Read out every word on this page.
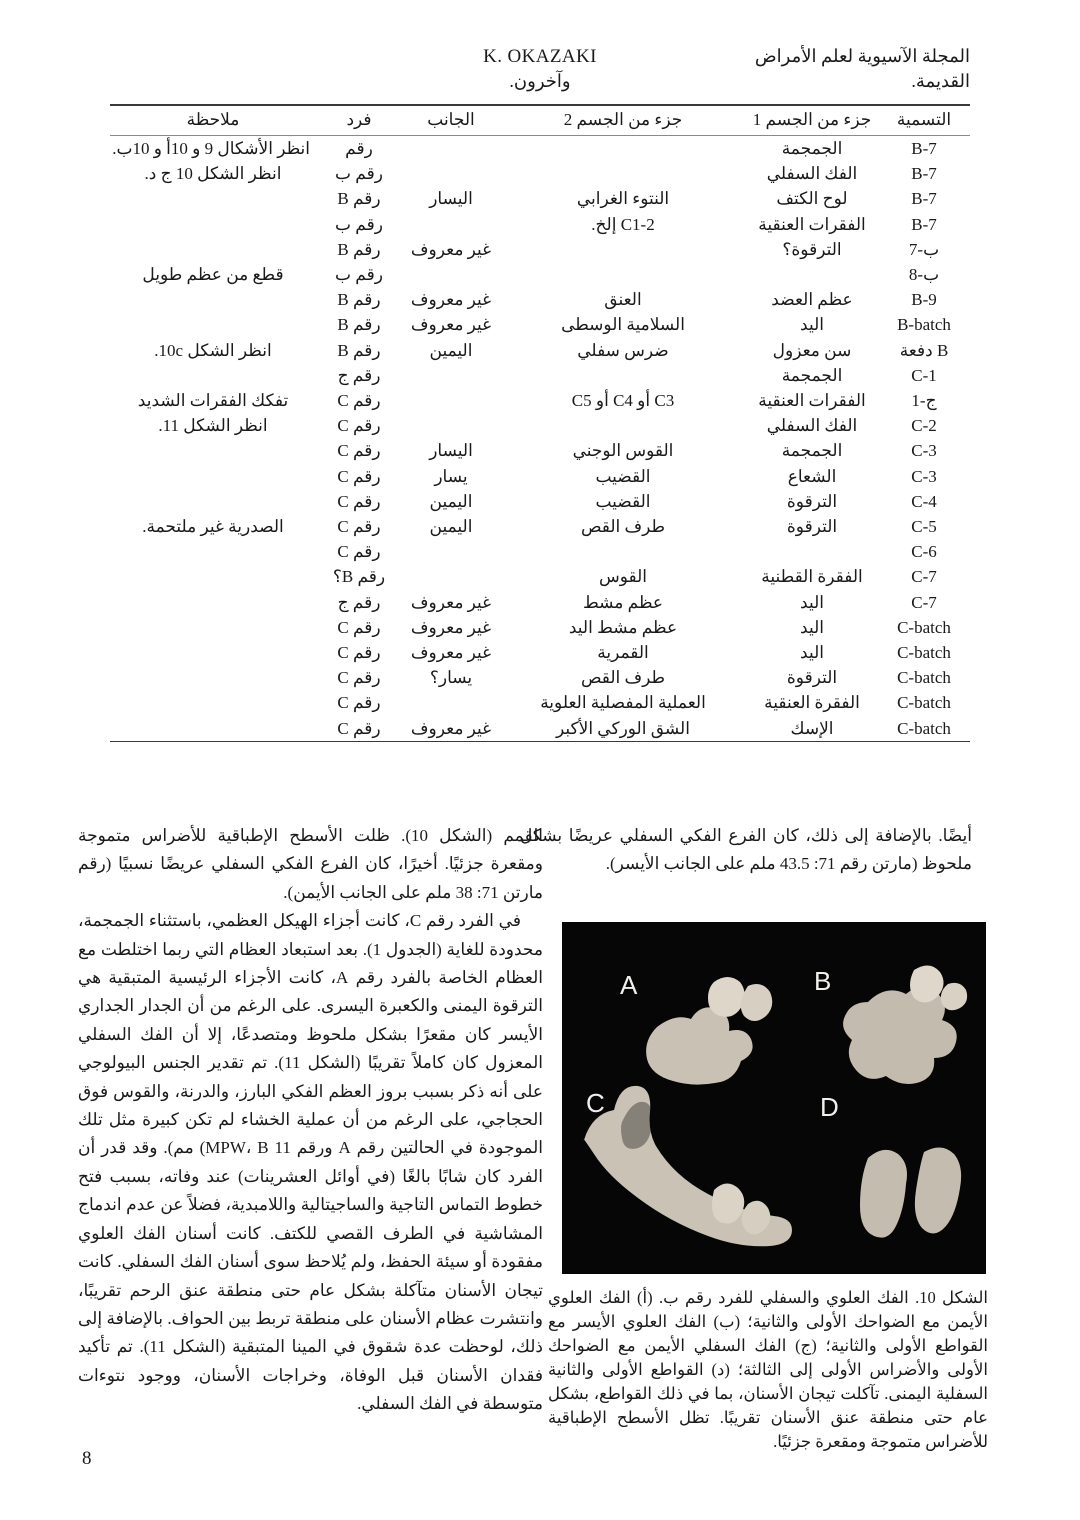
K. OKAZAKI
وآخرون.
المجلة الآسيوية لعلم الأمراض القديمة.
التسمية	جزء من الجسم 1	جزء من الجسم 2	الجانب	فرد	ملاحظة
B-7	الجمجمة			رقم	انظر الأشكال 9 و 10أ و 10ب.
B-7	الفك السفلي			رقم ب	انظر الشكل 10 ج د.
B-7	لوح الكتف	النتوء الغرابي	اليسار	رقم B	
B-7	الفقرات العنقية	C1-2 إلخ.		رقم ب	
ب-7	الترقوة؟		غير معروف	رقم B	
ب-8				رقم ب	قطع من عظم طويل
B-9	عظم العضد	العنق	غير معروف	رقم B	
B-batch	اليد	السلامية الوسطى	غير معروف	رقم B	
دفعة B	سن معزول	ضرس سفلي	اليمين	رقم B	انظر الشكل 10c.
C-1	الجمجمة			رقم ج	
ج-1	الفقرات العنقية	C3 أو C4 أو C5		رقم C	تفكك الفقرات الشديد
C-2	الفك السفلي			رقم C	انظر الشكل 11.
C-3	الجمجمة	القوس الوجني	اليسار	رقم C	
C-3	الشعاع	القضيب	يسار	رقم C	
C-4	الترقوة	القضيب	اليمين	رقم C	
C-5	الترقوة	طرف القص	اليمين	رقم C	الصدرية غير ملتحمة.
C-6				رقم C	
C-7	الفقرة القطنية	القوس		رقم B؟	
C-7	اليد	عظم مشط	غير معروف	رقم ج	
C-batch	اليد	عظم مشط اليد	غير معروف	رقم C	
C-batch	اليد	القمرية	غير معروف	رقم C	
C-batch	الترقوة	طرف القص	يسار؟	رقم C	
C-batch	الفقرة العنقية	العملية المفصلية العلوية		رقم C	
C-batch	الإسك	الشق الوركي الأكبر	غير معروف	رقم C	

أيضًا. بالإضافة إلى ذلك، كان الفرع الفكي السفلي عريضًا بشكل ملحوظ (مارتن رقم 71: 43.5 ملم على الجانب الأيسر).

القمم (الشكل 10). ظلت الأسطح الإطباقية للأضراس متموجة ومقعرة جزئيًا. أخيرًا، كان الفرع الفكي السفلي عريضًا نسبيًا (رقم مارتن 71: 38 ملم على الجانب الأيمن).

في الفرد رقم C، كانت أجزاء الهيكل العظمي، باستثناء الجمجمة، محدودة للغاية (الجدول 1). بعد استبعاد العظام التي ربما اختلطت مع العظام الخاصة بالفرد رقم A، كانت الأجزاء الرئيسية المتبقية هي الترقوة اليمنى والكعبرة اليسرى. على الرغم من أن الجدار الجداري الأيسر كان مقعرًا بشكل ملحوظ ومتصدعًا، إلا أن الفك السفلي المعزول كان كاملاً تقريبًا (الشكل 11). تم تقدير الجنس البيولوجي على أنه ذكر بسبب بروز العظم الفكي البارز، والدرنة، والقوس فوق الحجاجي، على الرغم من أن عملية الخشاء لم تكن كبيرة مثل تلك الموجودة في الحالتين رقم A ورقم 11 MPW، B) مم). وقد قدر أن الفرد كان شابًا بالغًا (في أوائل العشرينات) عند وفاته، بسبب فتح خطوط التماس التاجية والساجيتالية واللامبدية، فضلاً عن عدم اندماج المشاشية في الطرف القصي للكتف. كانت أسنان الفك العلوي مفقودة أو سيئة الحفظ، ولم يُلاحظ سوى أسنان الفك السفلي. كانت تيجان الأسنان متآكلة بشكل عام حتى منطقة عنق الرحم تقريبًا، وانتشرت عظام الأسنان على منطقة تربط بين الحواف. بالإضافة إلى ذلك، لوحظت عدة شقوق في المينا المتبقية (الشكل 11). تم تأكيد فقدان الأسنان قبل الوفاة، وخراجات الأسنان، ووجود نتوءات متوسطة في الفك السفلي.

A	B
C	D
الشكل 10. الفك العلوي والسفلي للفرد رقم ب. (أ) الفك العلوي الأيمن مع الضواحك الأولى والثانية؛ (ب) الفك العلوي الأيسر مع القواطع الأولى والثانية؛ (ج) الفك السفلي الأيمن مع الضواحك الأولى والأضراس الأولى إلى الثالثة؛ (د) القواطع الأولى والثانية السفلية اليمنى. تآكلت تيجان الأسنان، بما في ذلك القواطع، بشكل عام حتى منطقة عنق الأسنان تقريبًا. تظل الأسطح الإطباقية للأضراس متموجة ومقعرة جزئيًا.
8
